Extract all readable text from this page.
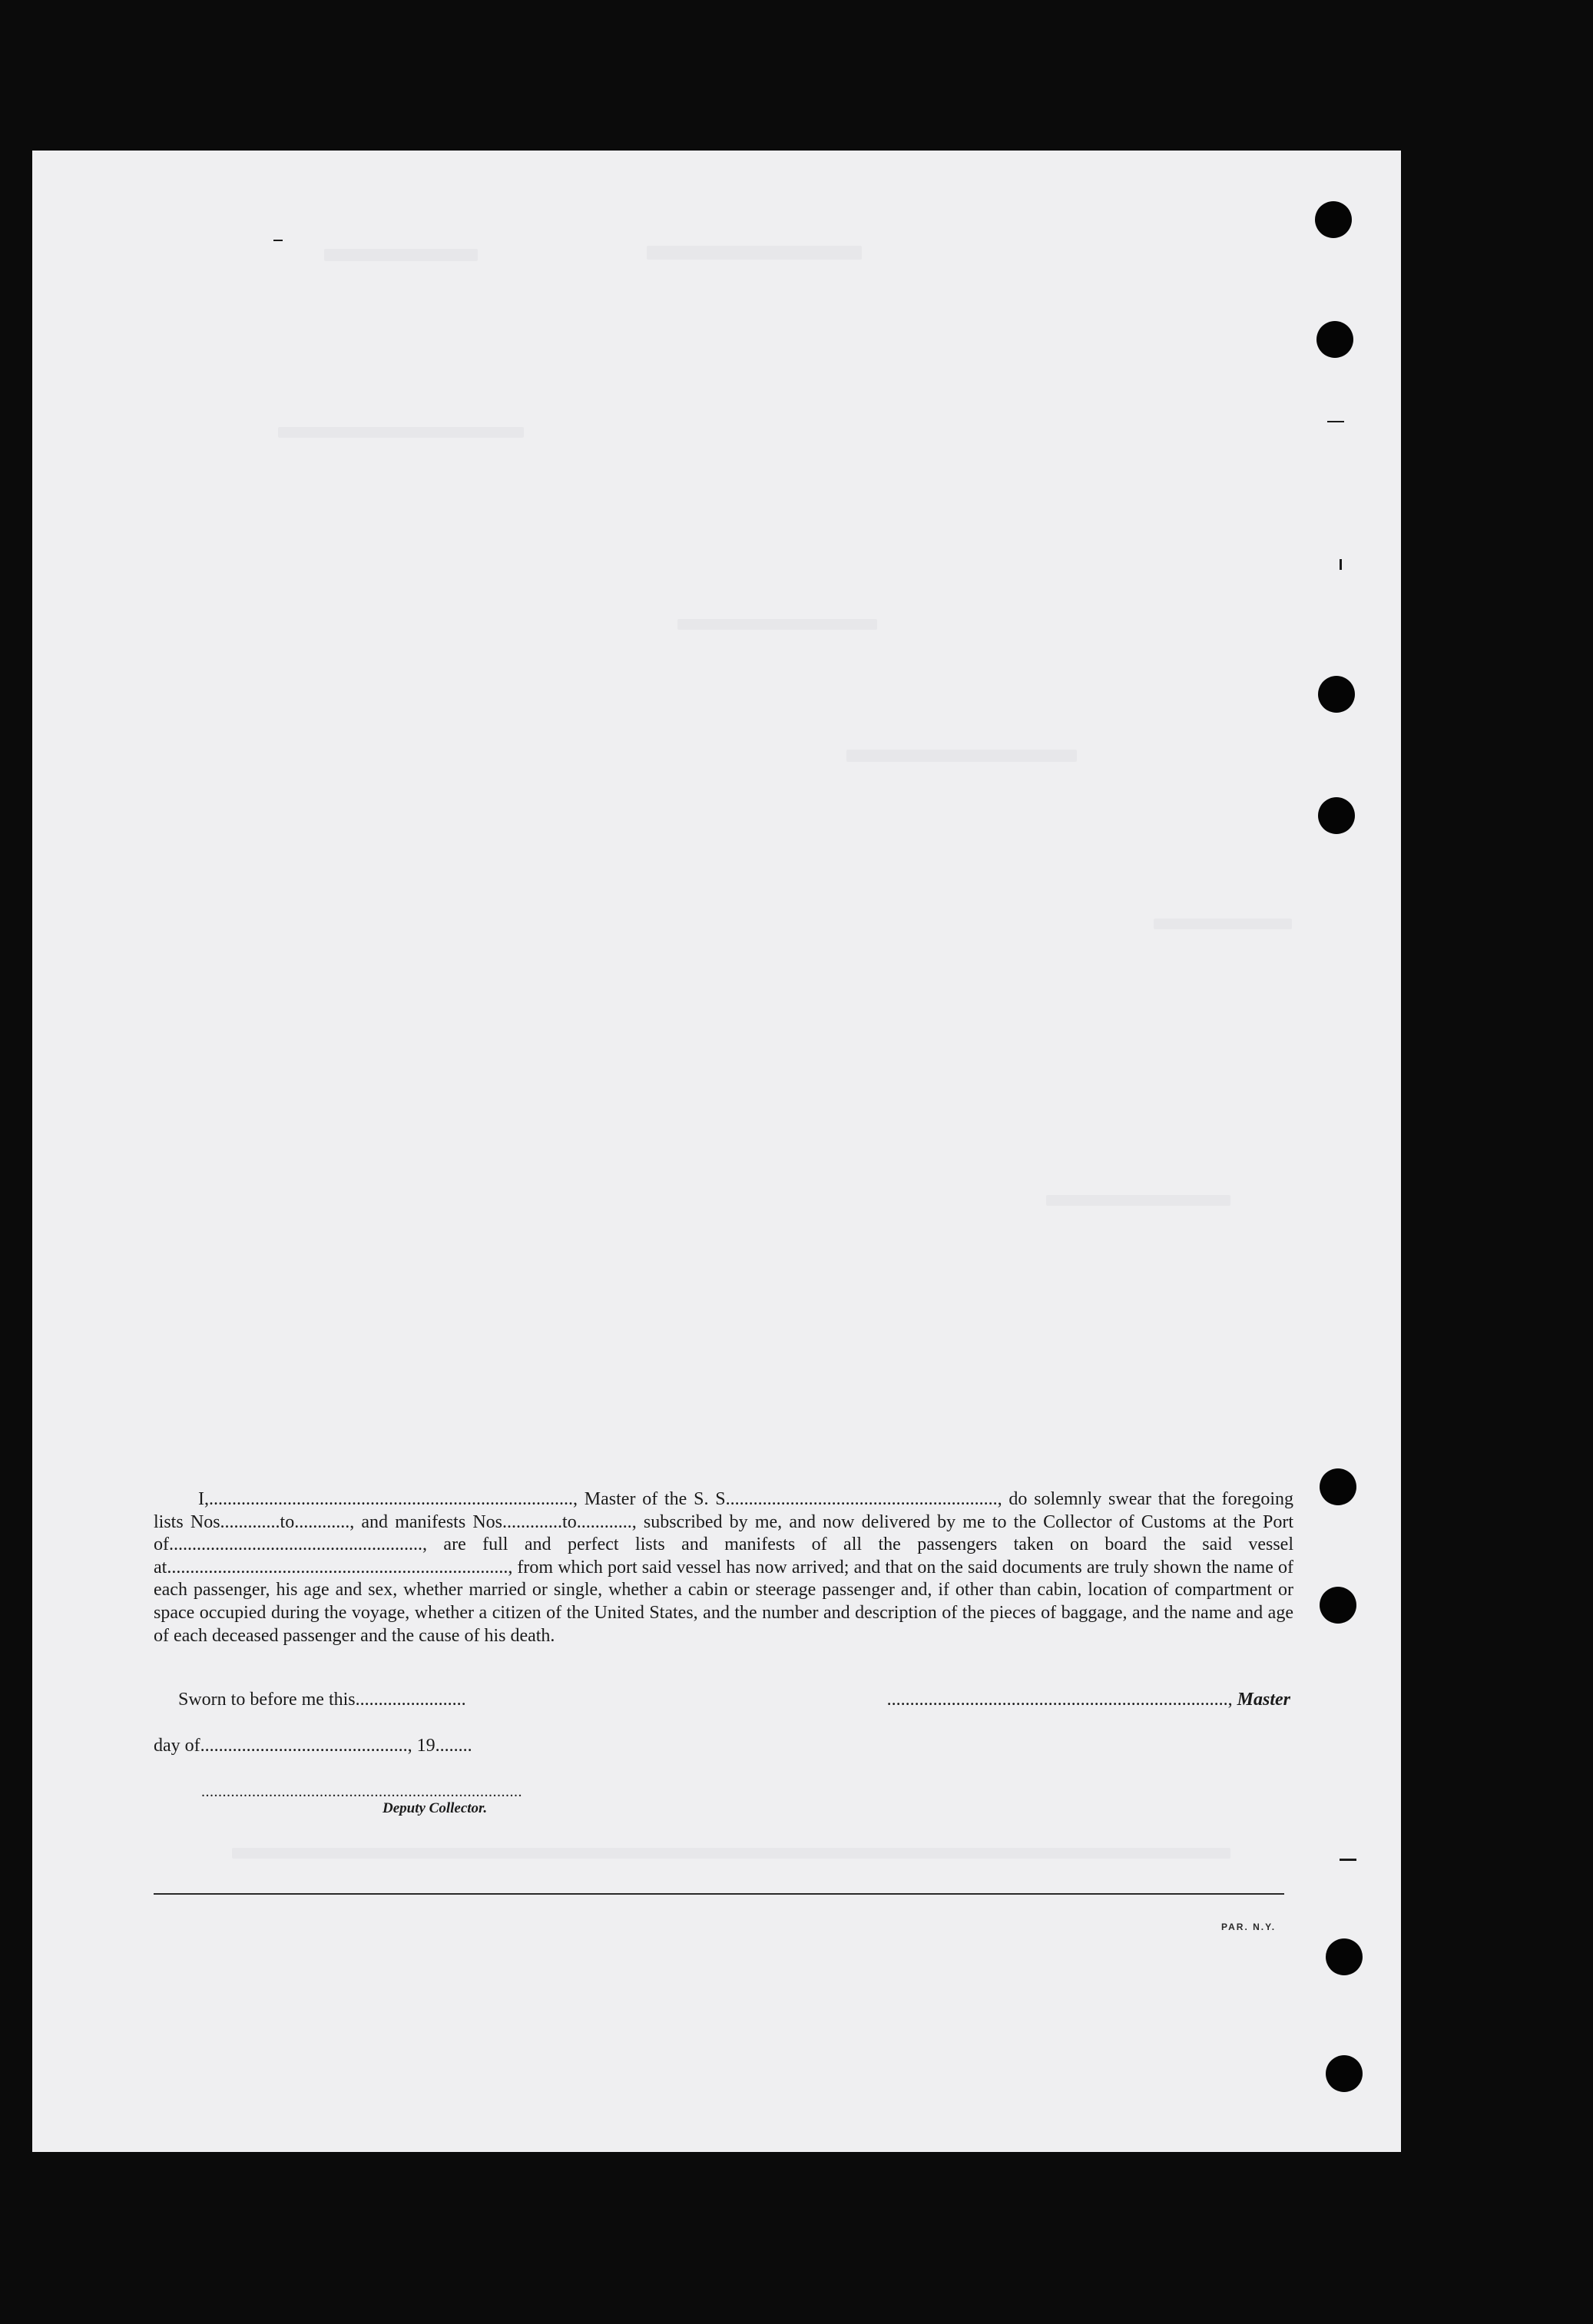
I,..............................................................................., Master of the S. S..........................................................., do solemnly swear that the foregoing lists Nos.............to............, and manifests Nos.............to............, subscribed by me, and now delivered by me to the Collector of Customs at the Port of......................................................., are full and perfect lists and manifests of all the passengers taken on board the said vessel at.........................................................................., from which port said vessel has now arrived; and that on the said documents are truly shown the name of each passenger, his age and sex, whether married or single, whether a cabin or steerage passenger and, if other than cabin, location of compartment or space occupied during the voyage, whether a citizen of the United States, and the number and description of the pieces of baggage, and the name and age of each deceased passenger and the cause of his death.

Sworn to before me this........................	.........................................................................., Master
day of............................................., 19........
............................................................................
Deputy Collector.
PAR. N.Y.
